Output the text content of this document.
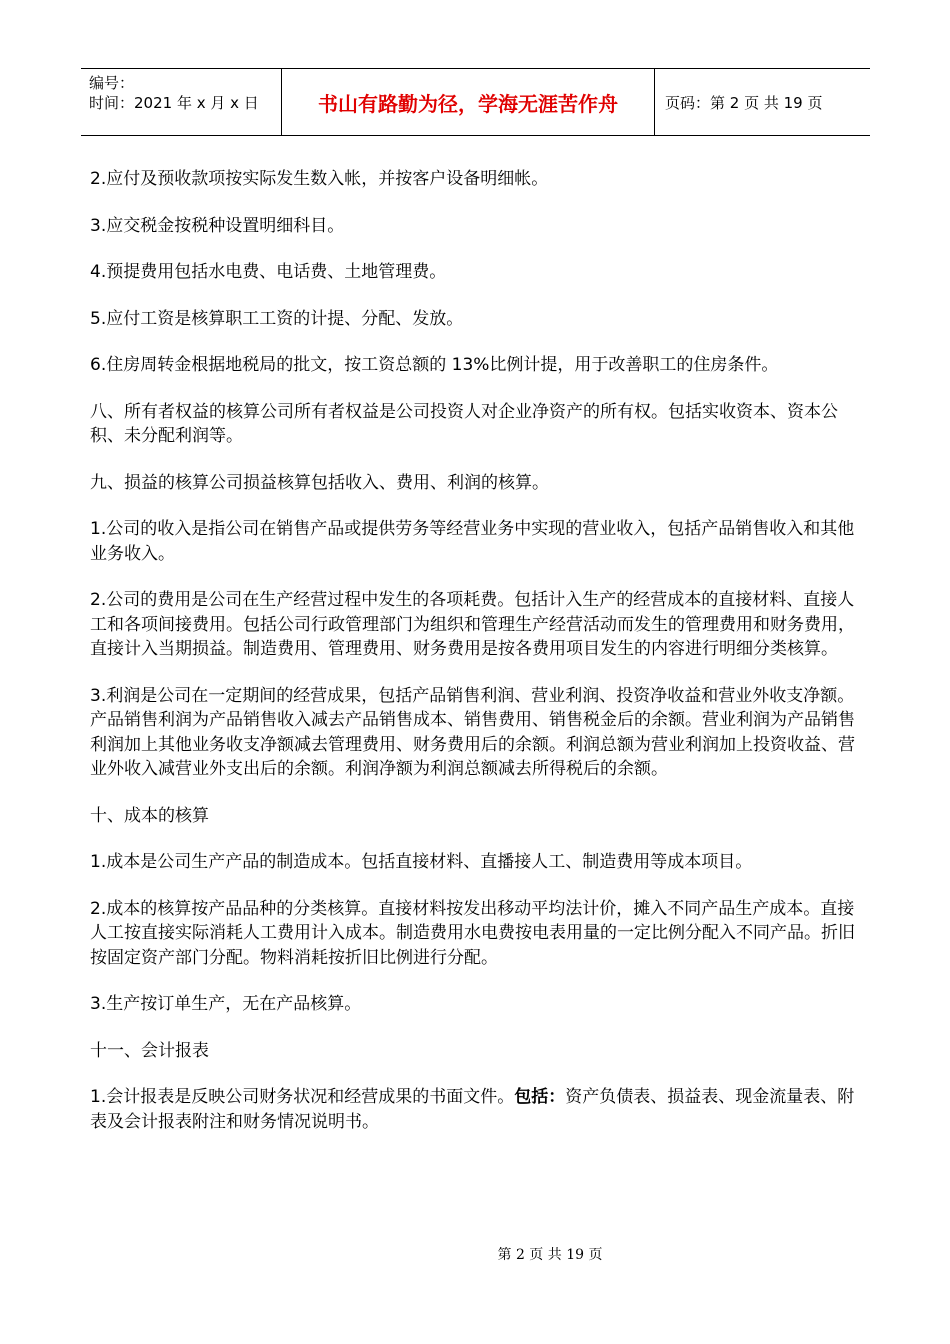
编号：
时间：2021 年 x 月 x 日	书山有路勤为径，学海无涯苦作舟	页码：第 2 页 共 19 页

2.应付及预收款项按实际发生数入帐，并按客户设备明细帐。

3.应交税金按税种设置明细科目。

4.预提费用包括水电费、电话费、土地管理费。

5.应付工资是核算职工工资的计提、分配、发放。

6.住房周转金根据地税局的批文，按工资总额的 13%比例计提，用于改善职工的住房条件。

八、所有者权益的核算公司所有者权益是公司投资人对企业净资产的所有权。包括实收资本、资本公积、未分配利润等。

九、损益的核算公司损益核算包括收入、费用、利润的核算。

1.公司的收入是指公司在销售产品或提供劳务等经营业务中实现的营业收入，包括产品销售收入和其他业务收入。

2.公司的费用是公司在生产经营过程中发生的各项耗费。包括计入生产的经营成本的直接材料、直接人工和各项间接费用。包括公司行政管理部门为组织和管理生产经营活动而发生的管理费用和财务费用，直接计入当期损益。制造费用、管理费用、财务费用是按各费用项目发生的内容进行明细分类核算。

3.利润是公司在一定期间的经营成果，包括产品销售利润、营业利润、投资净收益和营业外收支净额。产品销售利润为产品销售收入减去产品销售成本、销售费用、销售税金后的余额。营业利润为产品销售利润加上其他业务收支净额减去管理费用、财务费用后的余额。利润总额为营业利润加上投资收益、营业外收入减营业外支出后的余额。利润净额为利润总额减去所得税后的余额。

十、成本的核算

1.成本是公司生产产品的制造成本。包括直接材料、直播接人工、制造费用等成本项目。

2.成本的核算按产品品种的分类核算。直接材料按发出移动平均法计价，摊入不同产品生产成本。直接人工按直接实际消耗人工费用计入成本。制造费用水电费按电表用量的一定比例分配入不同产品。折旧按固定资产部门分配。物料消耗按折旧比例进行分配。

3.生产按订单生产，无在产品核算。

十一、会计报表

1.会计报表是反映公司财务状况和经营成果的书面文件。包括：资产负债表、损益表、现金流量表、附表及会计报表附注和财务情况说明书。

第 2 页 共 19 页
